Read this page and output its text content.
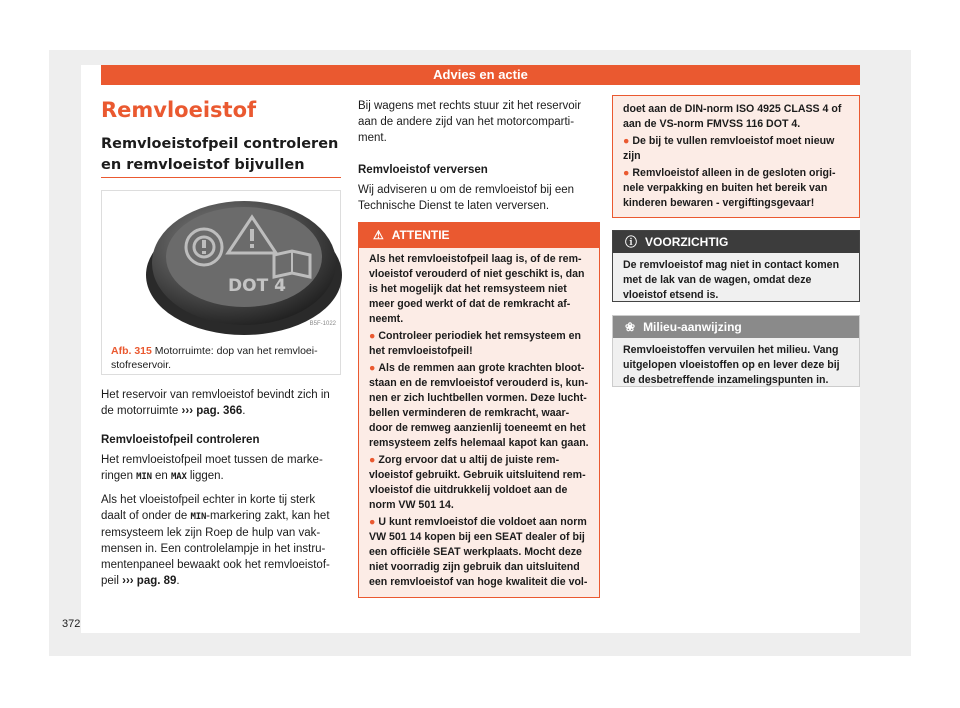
Advies en actie
Remvloeistof
Remvloeistofpeil controleren en remvloeistof bijvullen
DOT 4
B5F-1022
Afb. 315 Motorruimte: dop van het remvloei-stofreservoir.
Het reservoir van remvloeistof bevindt zich in de motorruimte ››› pag. 366.
Remvloeistofpeil controleren
Het remvloeistofpeil moet tussen de marke-ringen MIN en MAX liggen.
Als het vloeistofpeil echter in korte tij sterk daalt of onder de MIN-markering zakt, kan het remsysteem lek zijn Roep de hulp van vak-mensen in. Een controlelampje in het instru-mentenpaneel bewaakt ook het remvloeistof-peil ››› pag. 89.
Bij wagens met rechts stuur zit het reservoir aan de andere zijd van het motorcomparti-ment.
Remvloeistof verversen
Wij adviseren u om de remvloeistof bij een Technische Dienst te laten verversen.
⚠ ATTENTIE

Als het remvloeistofpeil laag is, of de rem-vloeistof verouderd of niet geschikt is, dan is het mogelijk dat het remsysteem niet meer goed werkt of dat de remkracht af-neemt.

● Controleer periodiek het remsysteem en het remvloeistofpeil!

● Als de remmen aan grote krachten bloot-staan en de remvloeistof verouderd is, kun-nen er zich luchtbellen vormen. Deze lucht-bellen verminderen de remkracht, waar-door de remweg aanzienlij toeneemt en het remsysteem zelfs helemaal kapot kan gaan.

● Zorg ervoor dat u altij de juiste rem-vloeistof gebruikt. Gebruik uitsluitend rem-vloeistof die uitdrukkelij voldoet aan de norm VW 501 14.

● U kunt remvloeistof die voldoet aan norm VW 501 14 kopen bij een SEAT dealer of bij een officiële SEAT werkplaats. Mocht deze niet voorradig zijn gebruik dan uitsluitend een remvloeistof van hoge kwaliteit die vol-

doet aan de DIN-norm ISO 4925 CLASS 4 of aan de VS-norm FMVSS 116 DOT 4.

● De bij te vullen remvloeistof moet nieuw zijn

● Remvloeistof alleen in de gesloten origi-nele verpakking en buiten het bereik van kinderen bewaren - vergiftingsgevaar!

ⓘ VOORZICHTIG
De remvloeistof mag niet in contact komen met de lak van de wagen, omdat deze vloeistof etsend is.
❀ Milieu-aanwijzing
Remvloeistoffen vervuilen het milieu. Vang uitgelopen vloeistoffen op en lever deze bij de desbetreffende inzamelingspunten in.
372
